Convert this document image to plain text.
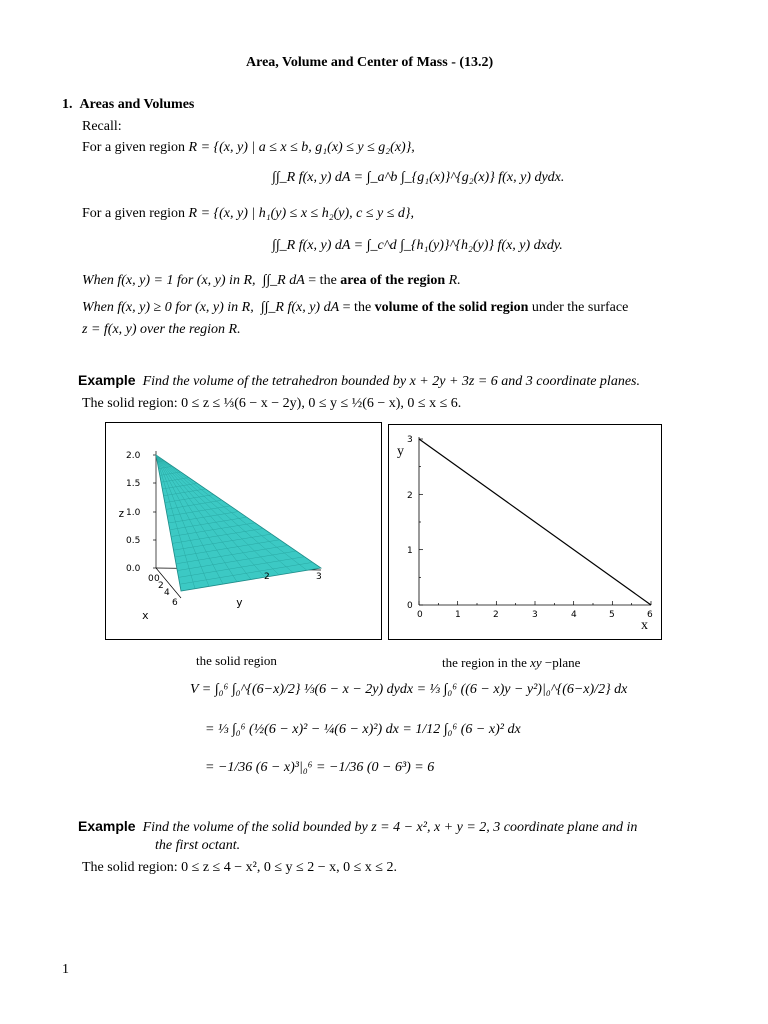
Area, Volume and Center of Mass - (13.2)
1.  Areas and Volumes
Recall:
For a given region R = {(x, y) | a ≤ x ≤ b, g₁(x) ≤ y ≤ g₂(x)},
∫∫_R f(x, y) dA = ∫_a^b ∫_{g₁(x)}^{g₂(x)} f(x, y) dydx.
For a given region R = {(x, y) | h₁(y) ≤ x ≤ h₂(y), c ≤ y ≤ d},
∫∫_R f(x, y) dA = ∫_c^d ∫_{h₁(y)}^{h₂(y)} f(x, y) dxdy.
When f(x, y) = 1 for (x, y) in R, ∫∫_R dA = the area of the region R.
When f(x, y) ≥ 0 for (x, y) in R, ∫∫_R f(x, y) dA = the volume of the solid region under the surface
z = f(x, y) over the region R.
Example Find the volume of the tetrahedron bounded by x + 2y + 3z = 6 and 3 coordinate planes.
The solid region: 0 ≤ z ≤ ⅓(6 − x − 2y), 0 ≤ y ≤ ½(6 − x), 0 ≤ x ≤ 6.
2.0
1.5
1.0
0.5
0.0
0 0
2
4
6
2	3
z
x
y
0	1	2	3	4	5	6
0
1
2
3
y
x
the solid region	the region in the xy −plane
V = ∫₀⁶ ∫₀^{(6−x)/2} ⅓(6 − x − 2y) dydx = ⅓ ∫₀⁶ ((6 − x)y − y²)|₀^{(6−x)/2} dx
= ⅓ ∫₀⁶ (½(6 − x)² − ¼(6 − x)²) dx = 1/12 ∫₀⁶ (6 − x)² dx
= −1/36 (6 − x)³|₀⁶ = −1/36 (0 − 6³) = 6
Example Find the volume of the solid bounded by z = 4 − x², x + y = 2, 3 coordinate plane and in
the first octant.
The solid region: 0 ≤ z ≤ 4 − x², 0 ≤ y ≤ 2 − x, 0 ≤ x ≤ 2.
1
